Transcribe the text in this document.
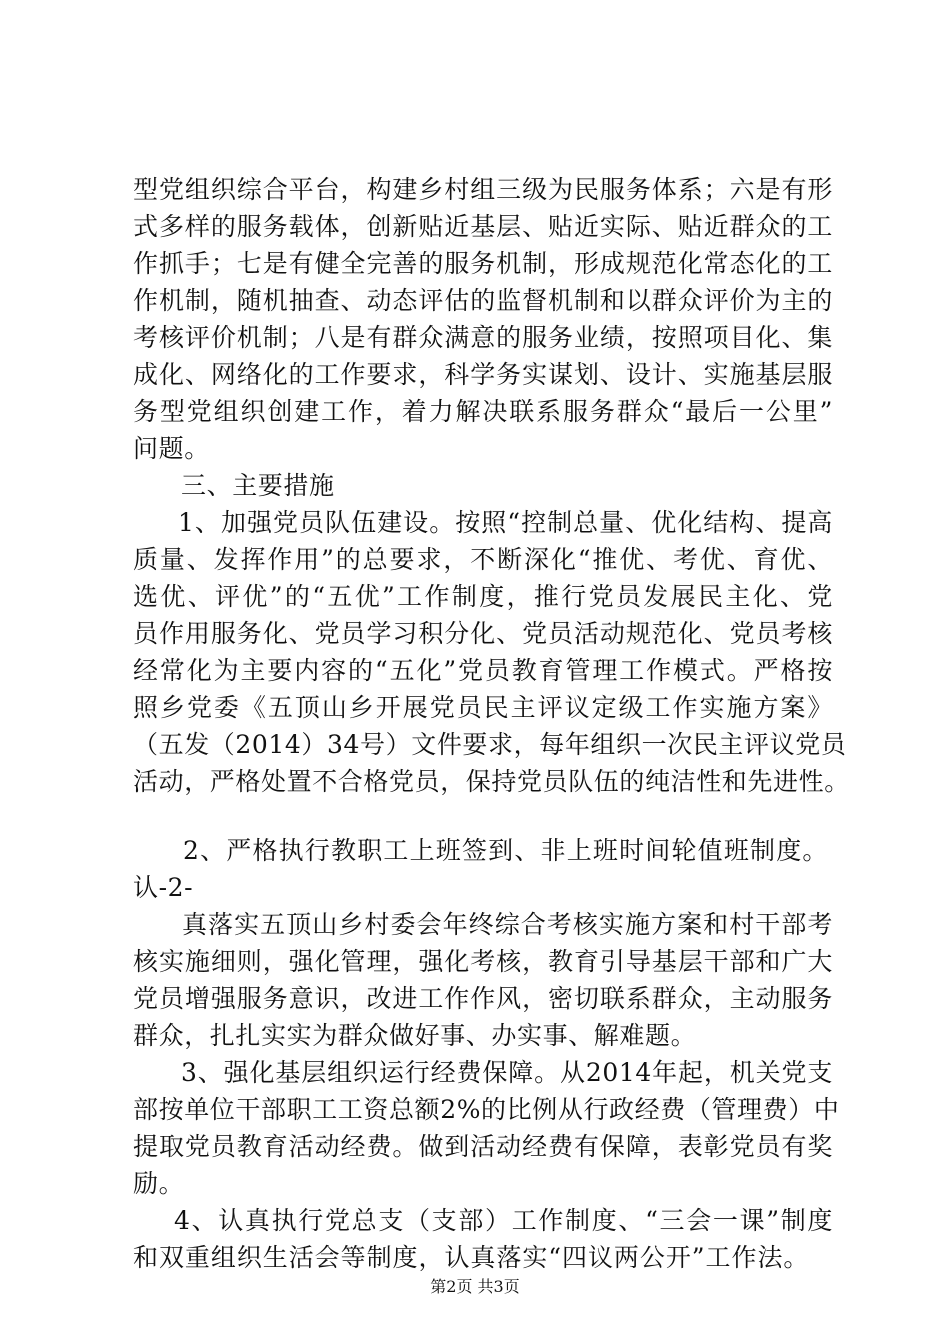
型党组织综合平台，构建乡村组三级为民服务体系；六是有形
式多样的服务载体，创新贴近基层、贴近实际、贴近群众的工
作抓手；七是有健全完善的服务机制，形成规范化常态化的工
作机制，随机抽查、动态评估的监督机制和以群众评价为主的
考核评价机制；八是有群众满意的服务业绩，按照项目化、集
成化、网络化的工作要求，科学务实谋划、设计、实施基层服
务型党组织创建工作，着力解决联系服务群众“最后一公里”
问题。
三、主要措施
1、加强党员队伍建设。按照“控制总量、优化结构、提高
质量、发挥作用”的总要求，不断深化“推优、考优、育优、
选优、评优”的“五优”工作制度，推行党员发展民主化、党
员作用服务化、党员学习积分化、党员活动规范化、党员考核
经常化为主要内容的“五化”党员教育管理工作模式。严格按
照乡党委《五顶山乡开展党员民主评议定级工作实施方案》
（五发（2014）34号）文件要求，每年组织一次民主评议党员
活动，严格处置不合格党员，保持党员队伍的纯洁性和先进性。
2、严格执行教职工上班签到、非上班时间轮值班制度。
认-2-
真落实五顶山乡村委会年终综合考核实施方案和村干部考
核实施细则，强化管理，强化考核，教育引导基层干部和广大
党员增强服务意识，改进工作作风，密切联系群众，主动服务
群众，扎扎实实为群众做好事、办实事、解难题。
3、强化基层组织运行经费保障。从2014年起，机关党支
部按单位干部职工工资总额2%的比例从行政经费（管理费）中
提取党员教育活动经费。做到活动经费有保障，表彰党员有奖
励。
4、认真执行党总支（支部）工作制度、“三会一课”制度
和双重组织生活会等制度，认真落实“四议两公开”工作法。
第2页 共3页
